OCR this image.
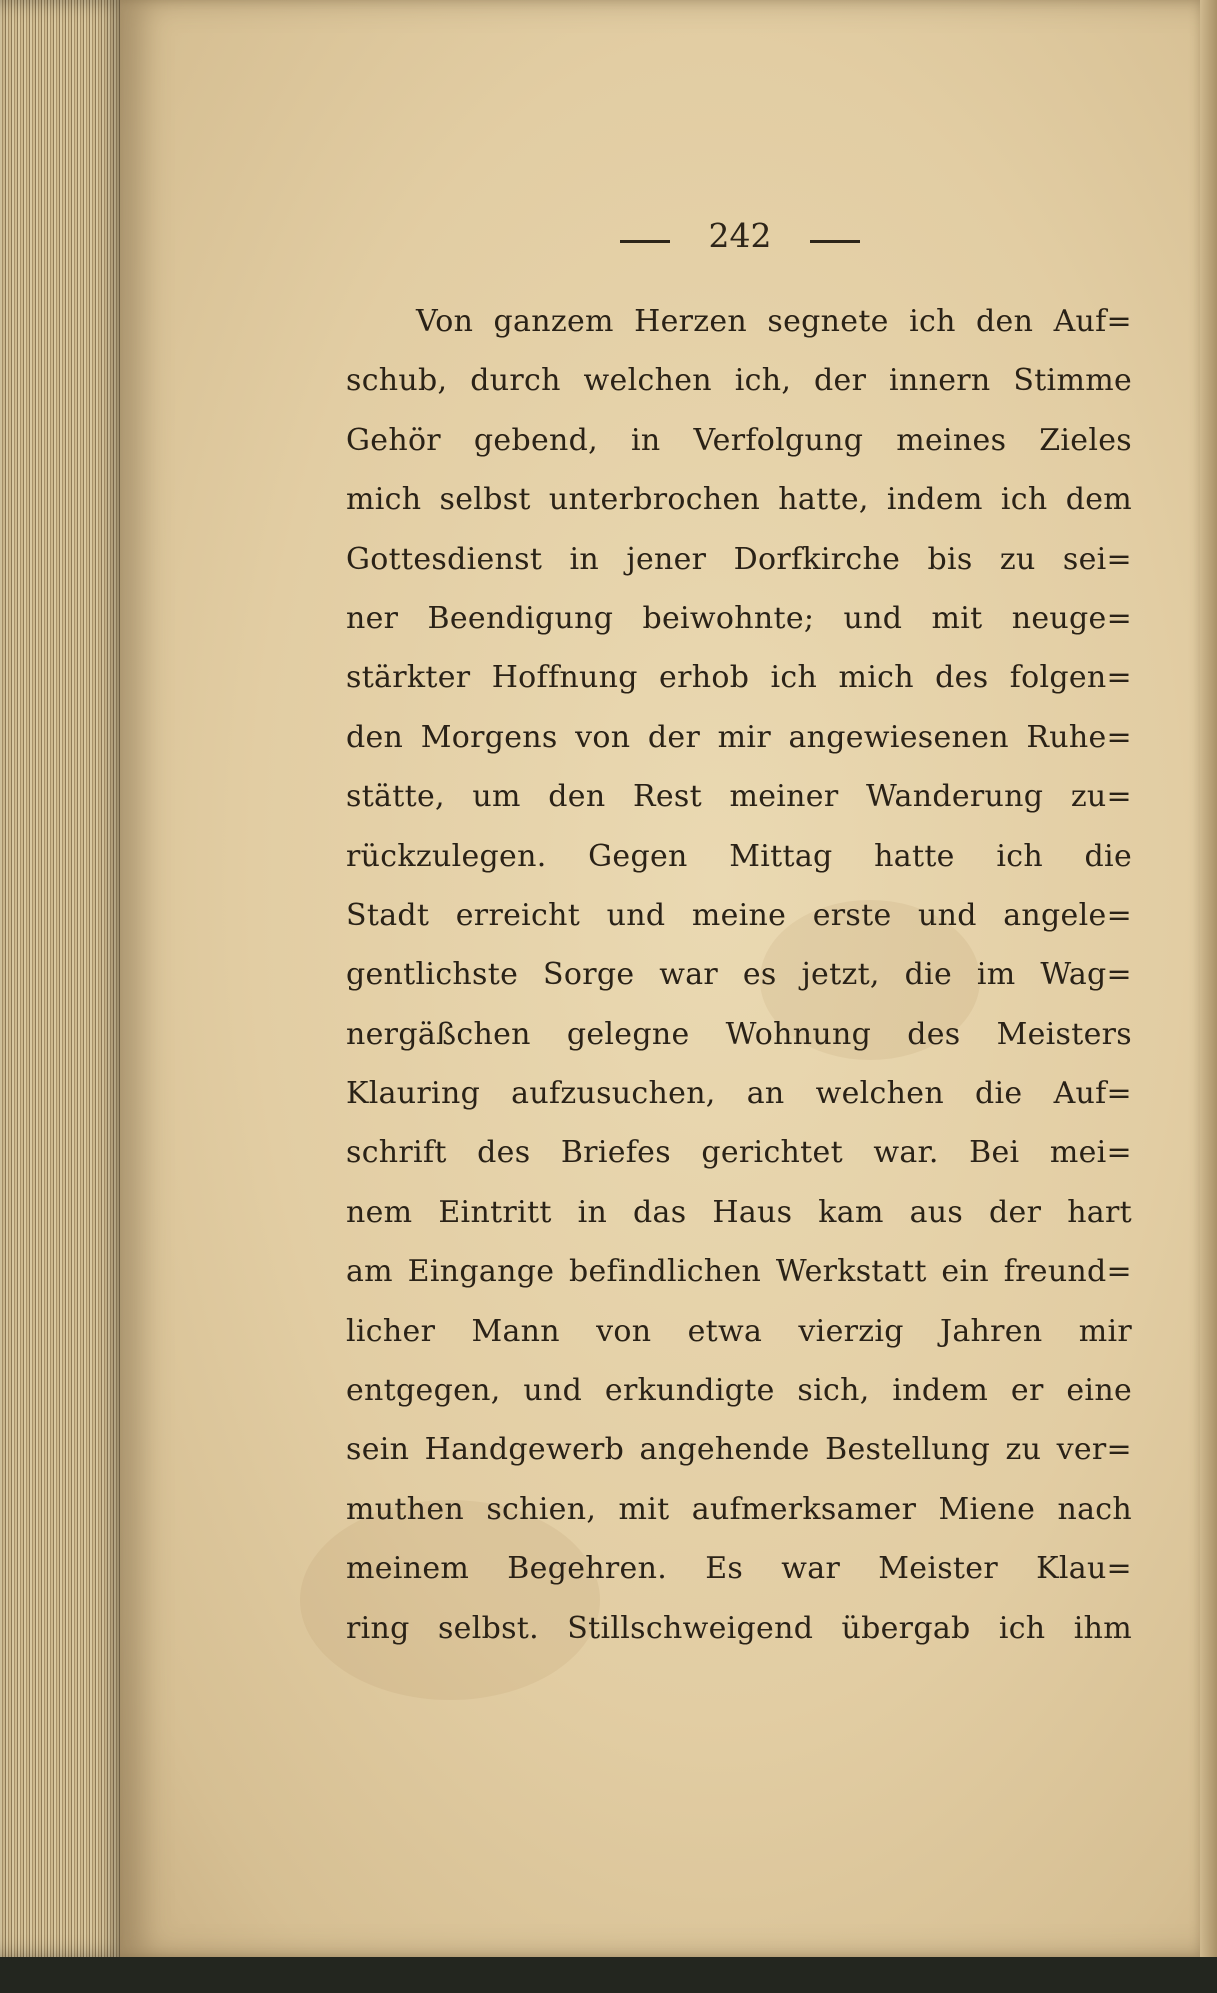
242
Von ganzem Herzen segnete ich den Auf=
schub, durch welchen ich, der innern Stimme
Gehör gebend, in Verfolgung meines Zieles
mich selbst unterbrochen hatte, indem ich dem
Gottesdienst in jener Dorfkirche bis zu sei=
ner Beendigung beiwohnte; und mit neuge=
stärkter Hoffnung erhob ich mich des folgen=
den Morgens von der mir angewiesenen Ruhe=
stätte, um den Rest meiner Wanderung zu=
rückzulegen. Gegen Mittag hatte ich die
Stadt erreicht und meine erste und angele=
gentlichste Sorge war es jetzt, die im Wag=
nergäßchen gelegne Wohnung des Meisters
Klauring aufzusuchen, an welchen die Auf=
schrift des Briefes gerichtet war. Bei mei=
nem Eintritt in das Haus kam aus der hart
am Eingange befindlichen Werkstatt ein freund=
licher Mann von etwa vierzig Jahren mir
entgegen, und erkundigte sich, indem er eine
sein Handgewerb angehende Bestellung zu ver=
muthen schien, mit aufmerksamer Miene nach
meinem Begehren. Es war Meister Klau=
ring selbst. Stillschweigend übergab ich ihm
